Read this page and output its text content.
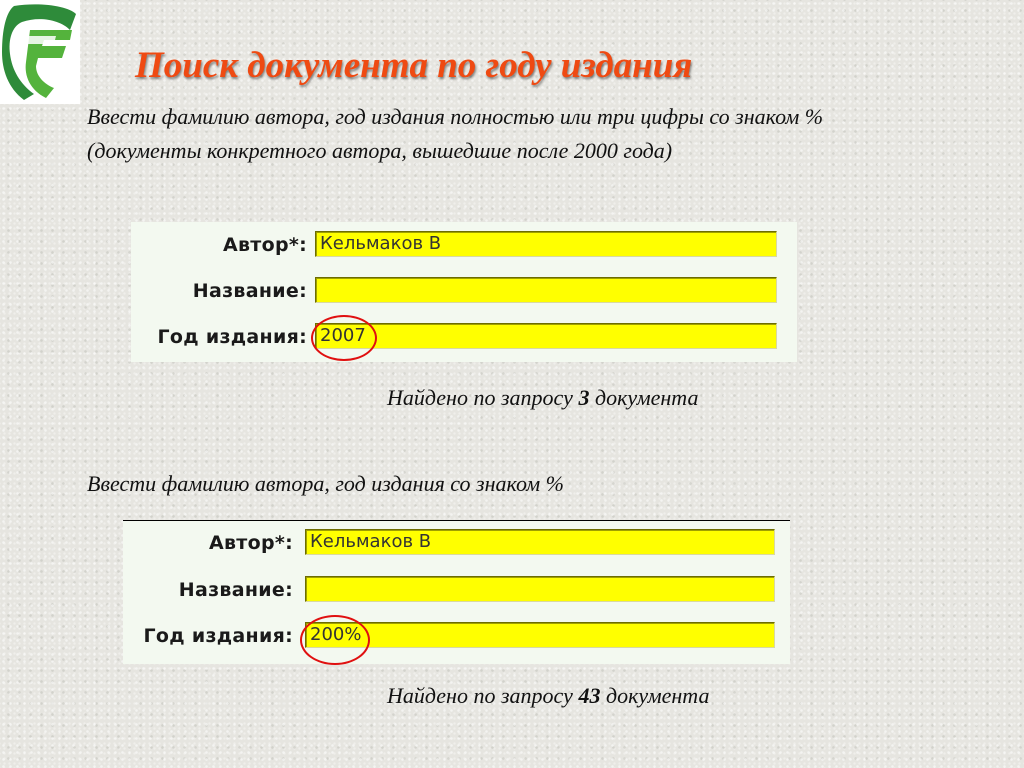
Поиск документа по году издания

Ввести фамилию автора, год издания полностью или три цифры со знаком % (документы конкретного автора, вышедшие после 2000 года)

Автор*: Кельмаков В
Название:
Год издания: 2007

Найдено по запросу 3 документа

Ввести фамилию автора, год издания со знаком %

Автор*: Кельмаков В
Название:
Год издания: 200%

Найдено по запросу 43 документа
